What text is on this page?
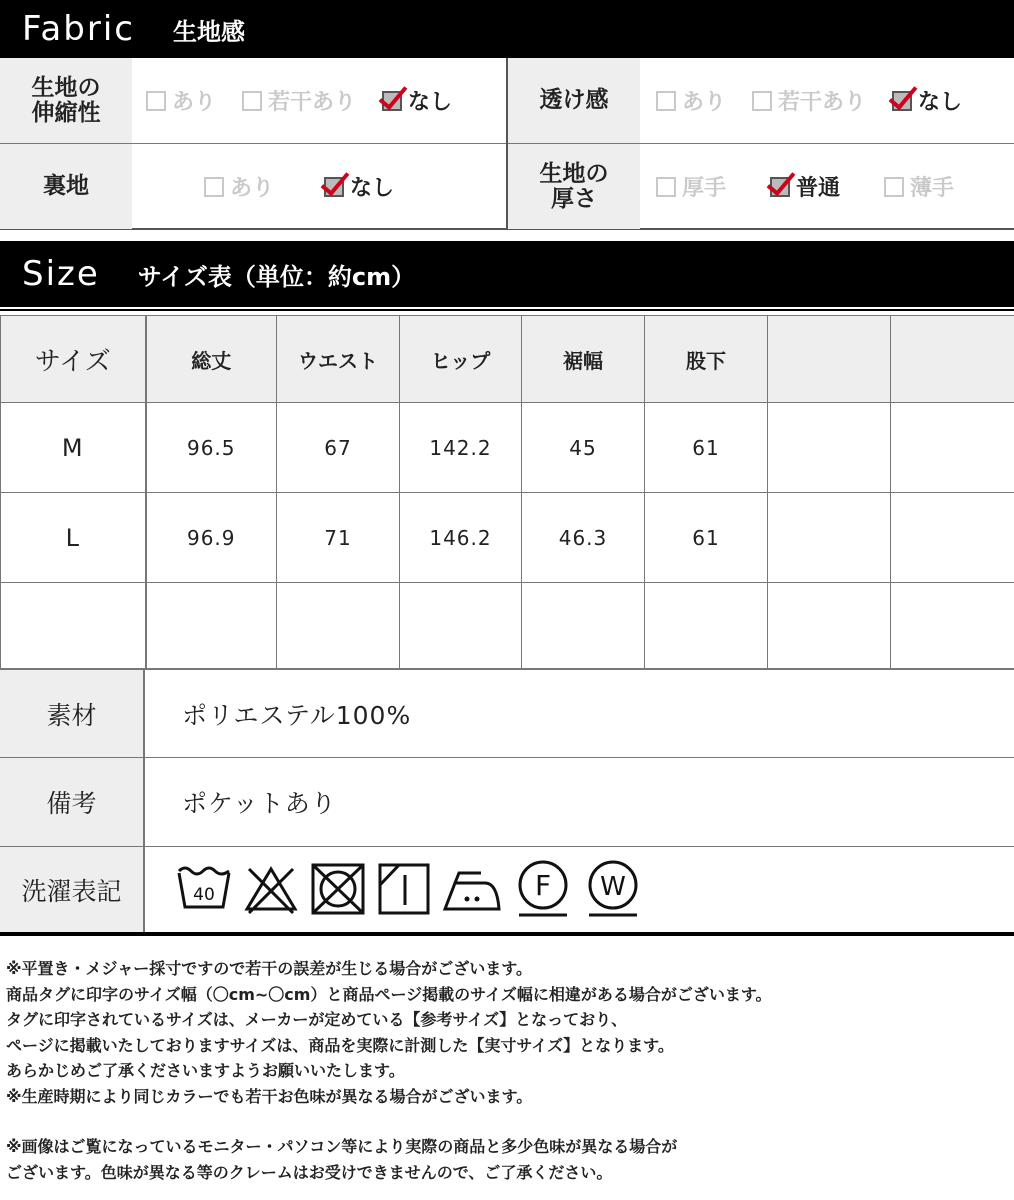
Fabric 生地感
生地の
伸縮性	あり 若干あり なし	透け感	あり 若干あり なし
裏地	あり	なし
生地の
厚さ	厚手	普通	薄手
Size サイズ表（単位：約cm）
サイズ	総丈	ウエスト	ヒップ	裾幅	股下		
M	96.5	67	142.2	45	61		
L	96.9	71	146.2	46.3	61		

素材	ポリエステル100%
備考	ポケットあり
洗濯表記	40	F W

※平置き・メジャー採寸ですので若干の誤差が生じる場合がございます。

商品タグに印字のサイズ幅（〇cm~〇cm）と商品ページ掲載のサイズ幅に相違がある場合がございます。

タグに印字されているサイズは、メーカーが定めている【参考サイズ】となっており、

ページに掲載いたしておりますサイズは、商品を実際に計測した【実寸サイズ】となります。

あらかじめご了承くださいますようお願いいたします。

※生産時期により同じカラーでも若干お色味が異なる場合がございます。

※画像はご覧になっているモニター・パソコン等により実際の商品と多少色味が異なる場合が

ございます。色味が異なる等のクレームはお受けできませんので、ご了承ください。
